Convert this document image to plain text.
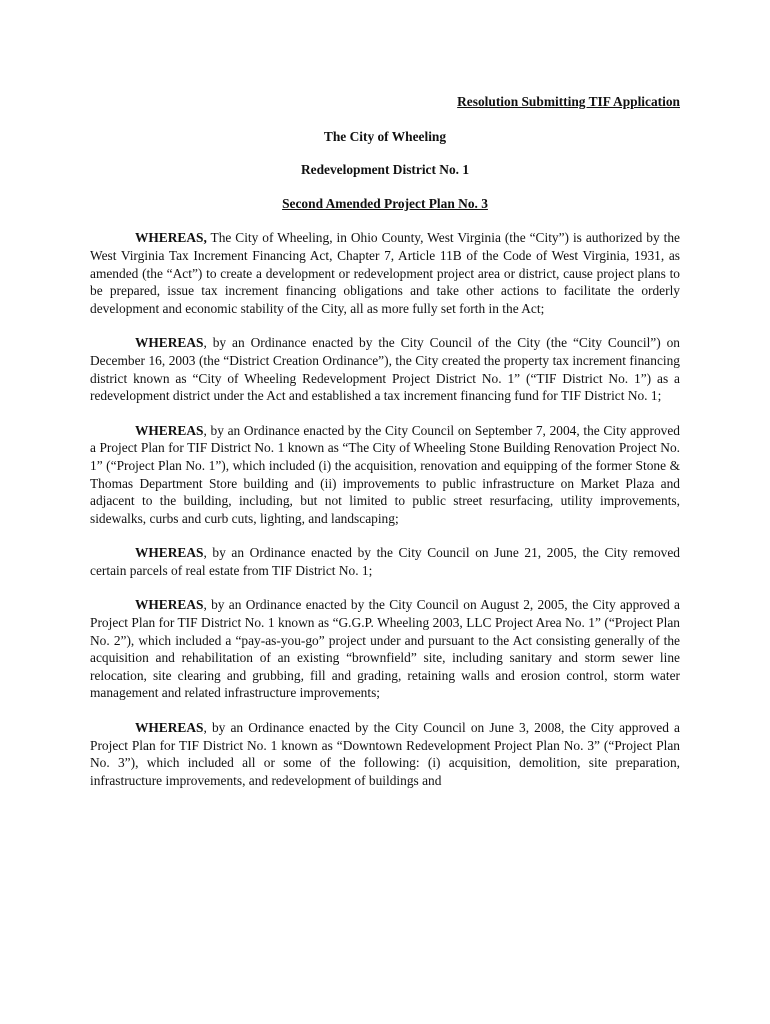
Resolution Submitting TIF Application

The City of Wheeling

Redevelopment District No. 1

Second Amended Project Plan No. 3

WHEREAS, The City of Wheeling, in Ohio County, West Virginia (the “City”) is authorized by the West Virginia Tax Increment Financing Act, Chapter 7, Article 11B of the Code of West Virginia, 1931, as amended (the “Act”) to create a development or redevelopment project area or district, cause project plans to be prepared, issue tax increment financing obligations and take other actions to facilitate the orderly development and economic stability of the City, all as more fully set forth in the Act;

WHEREAS, by an Ordinance enacted by the City Council of the City (the “City Council”) on December 16, 2003 (the “District Creation Ordinance”), the City created the property tax increment financing district known as “City of Wheeling Redevelopment Project District No. 1” (“TIF District No. 1”) as a redevelopment district under the Act and established a tax increment financing fund for TIF District No. 1;

WHEREAS, by an Ordinance enacted by the City Council on September 7, 2004, the City approved a Project Plan for TIF District No. 1 known as “The City of Wheeling Stone Building Renovation Project No. 1” (“Project Plan No. 1”), which included (i) the acquisition, renovation and equipping of the former Stone & Thomas Department Store building and (ii) improvements to public infrastructure on Market Plaza and adjacent to the building, including, but not limited to public street resurfacing, utility improvements, sidewalks, curbs and curb cuts, lighting, and landscaping;

WHEREAS, by an Ordinance enacted by the City Council on June 21, 2005, the City removed certain parcels of real estate from TIF District No. 1;

WHEREAS, by an Ordinance enacted by the City Council on August 2, 2005, the City approved a Project Plan for TIF District No. 1 known as “G.G.P. Wheeling 2003, LLC Project Area No. 1” (“Project Plan No. 2”), which included a “pay-as-you-go” project under and pursuant to the Act consisting generally of the acquisition and rehabilitation of an existing “brownfield” site, including sanitary and storm sewer line relocation, site clearing and grubbing, fill and grading, retaining walls and erosion control, storm water management and related infrastructure improvements;

WHEREAS, by an Ordinance enacted by the City Council on June 3, 2008, the City approved a Project Plan for TIF District No. 1 known as “Downtown Redevelopment Project Plan No. 3” (“Project Plan No. 3”), which included all or some of the following: (i) acquisition, demolition, site preparation, infrastructure improvements, and redevelopment of buildings and
